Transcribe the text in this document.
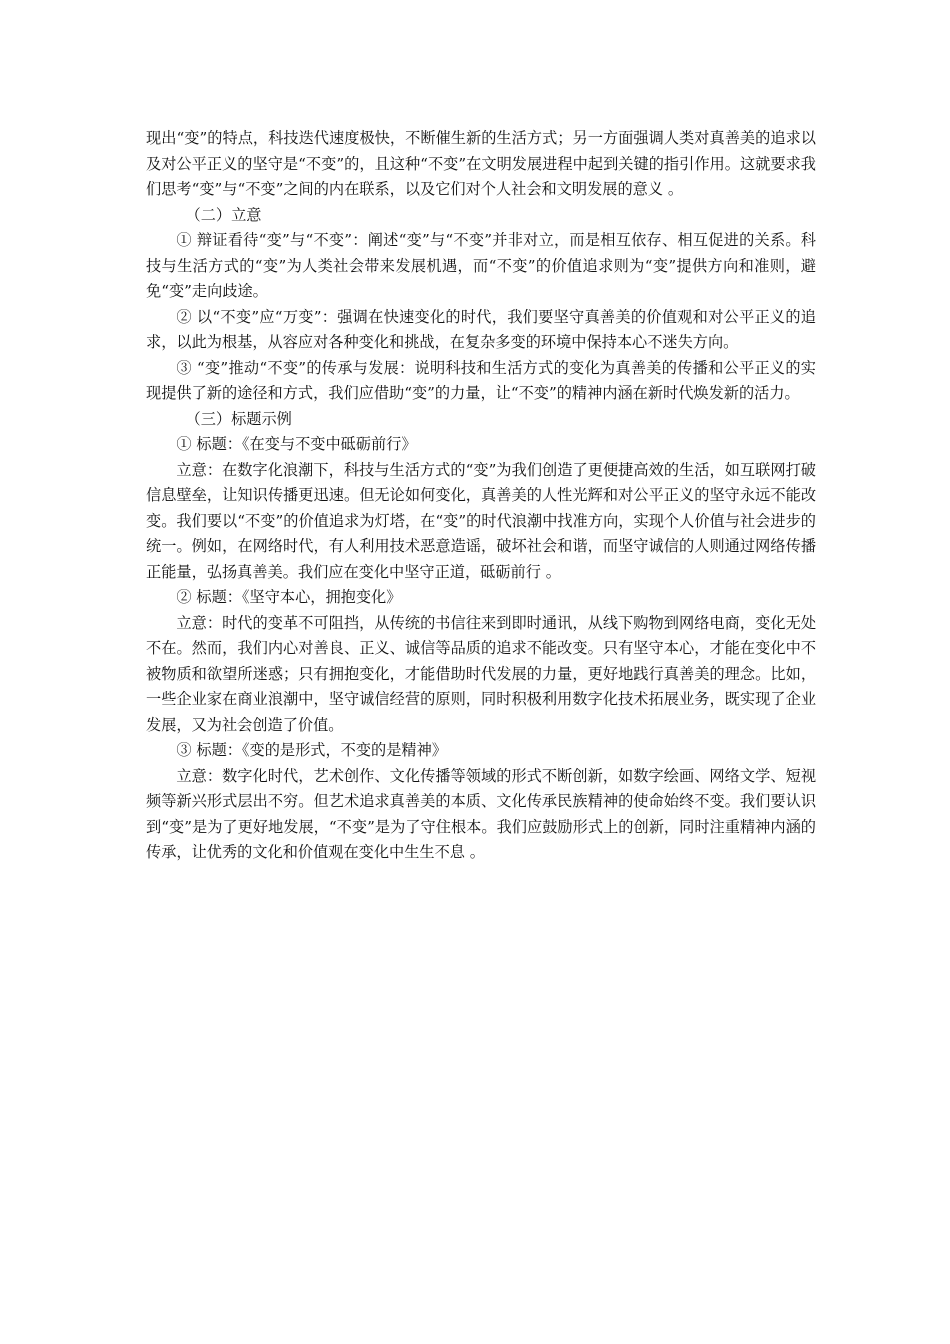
现出“变”的特点，科技迭代速度极快，不断催生新的生活方式；另一方面强调人类对真善美的追求以及对公平正义的坚守是“不变”的，且这种“不变”在文明发展进程中起到关键的指引作用。这就要求我们思考“变”与“不变”之间的内在联系，以及它们对个人社会和文明发展的意义 。

（二）立意

① 辩证看待“变”与“不变”：阐述“变”与“不变”并非对立，而是相互依存、相互促进的关系。科技与生活方式的“变”为人类社会带来发展机遇，而“不变”的价值追求则为“变”提供方向和准则，避免“变”走向歧途。

② 以“不变”应“万变”：强调在快速变化的时代，我们要坚守真善美的价值观和对公平正义的追求，以此为根基，从容应对各种变化和挑战，在复杂多变的环境中保持本心不迷失方向。

③ “变”推动“不变”的传承与发展：说明科技和生活方式的变化为真善美的传播和公平正义的实现提供了新的途径和方式，我们应借助“变”的力量，让“不变”的精神内涵在新时代焕发新的活力。

（三）标题示例

① 标题：《在变与不变中砥砺前行》

立意：在数字化浪潮下，科技与生活方式的“变”为我们创造了更便捷高效的生活，如互联网打破信息壁垒，让知识传播更迅速。但无论如何变化，真善美的人性光辉和对公平正义的坚守永远不能改变。我们要以“不变”的价值追求为灯塔，在“变”的时代浪潮中找准方向，实现个人价值与社会进步的统一。例如，在网络时代，有人利用技术恶意造谣，破坏社会和谐，而坚守诚信的人则通过网络传播正能量，弘扬真善美。我们应在变化中坚守正道，砥砺前行 。

② 标题：《坚守本心，拥抱变化》

立意：时代的变革不可阻挡，从传统的书信往来到即时通讯，从线下购物到网络电商，变化无处不在。然而，我们内心对善良、正义、诚信等品质的追求不能改变。只有坚守本心，才能在变化中不被物质和欲望所迷惑；只有拥抱变化，才能借助时代发展的力量，更好地践行真善美的理念。比如，一些企业家在商业浪潮中，坚守诚信经营的原则，同时积极利用数字化技术拓展业务，既实现了企业发展，又为社会创造了价值。

③ 标题：《变的是形式，不变的是精神》

立意：数字化时代，艺术创作、文化传播等领域的形式不断创新，如数字绘画、网络文学、短视频等新兴形式层出不穷。但艺术追求真善美的本质、文化传承民族精神的使命始终不变。我们要认识到“变”是为了更好地发展，“不变”是为了守住根本。我们应鼓励形式上的创新，同时注重精神内涵的传承，让优秀的文化和价值观在变化中生生不息 。
